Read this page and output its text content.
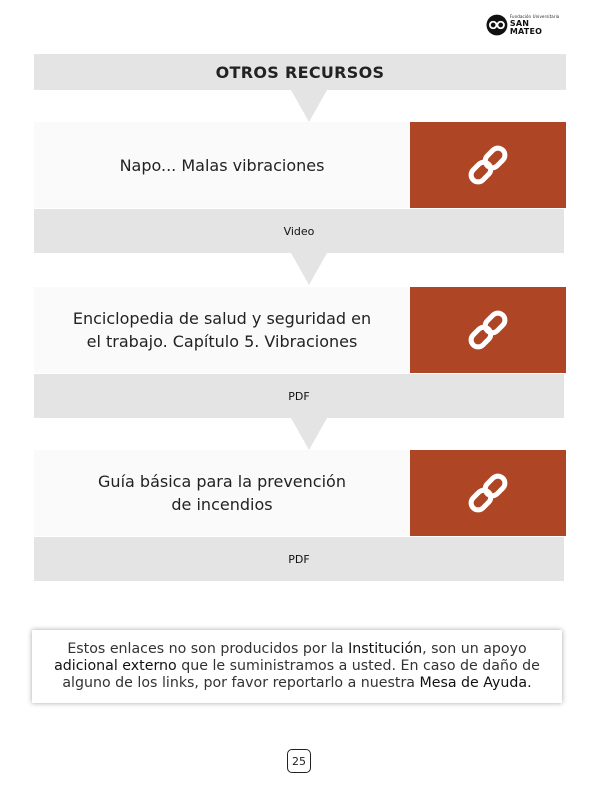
Fundación Universitaria
SAN MATEO
OTROS RECURSOS
Napo... Malas vibraciones
Video
Enciclopedia de salud y seguridad en
el trabajo. Capítulo 5. Vibraciones
PDF
Guía básica para la prevención
de incendios
PDF
Estos enlaces no son producidos por la Institución, son un apoyo adicional externo que le suministramos a usted. En caso de daño de alguno de los links, por favor reportarlo a nuestra Mesa de Ayuda.
25
